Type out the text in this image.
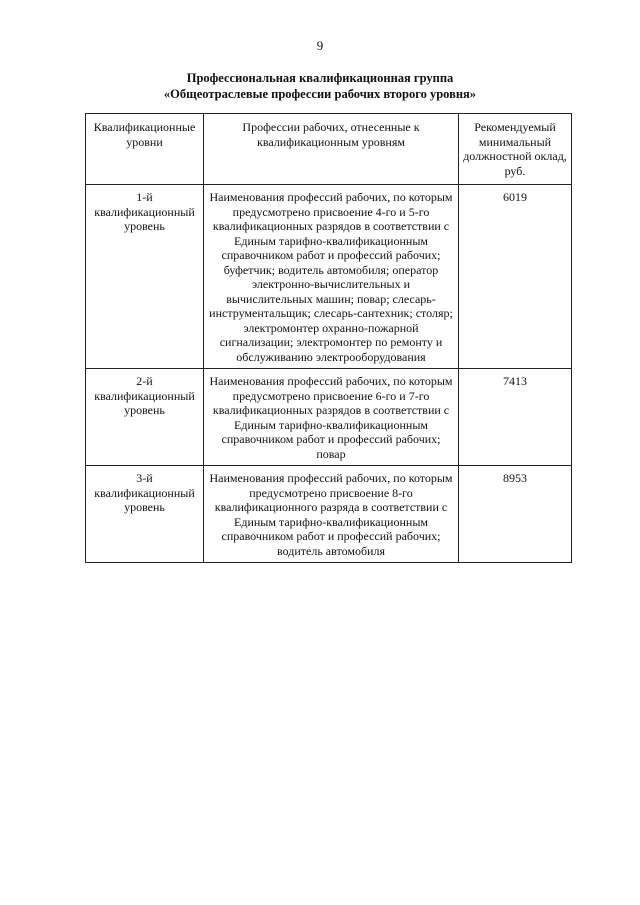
9
Профессиональная квалификационная группа
«Общеотраслевые профессии рабочих второго уровня»
Квалификационные уровни	Профессии рабочих, отнесенные к квалификационным уровням	Рекомендуемый минимальный должностной оклад, руб.
1-й квалификационный уровень	Наименования профессий рабочих, по которым предусмотрено присвоение 4-го и 5-го квалификационных разрядов в соответствии с Единым тарифно-квалификационным справочником работ и профессий рабочих; буфетчик; водитель автомобиля; оператор электронно-вычислительных и вычислительных машин; повар; слесарь-инструментальщик; слесарь-сантехник; столяр; электромонтер охранно-пожарной сигнализации; электромонтер по ремонту и обслуживанию электрооборудования	6019
2-й квалификационный уровень	Наименования профессий рабочих, по которым предусмотрено присвоение 6-го и 7-го квалификационных разрядов в соответствии с Единым тарифно-квалификационным справочником работ и профессий рабочих; повар	7413
3-й квалификационный уровень	Наименования профессий рабочих, по которым предусмотрено присвоение 8-го квалификационного разряда в соответствии с Единым тарифно-квалификационным справочником работ и профессий рабочих; водитель автомобиля	8953
